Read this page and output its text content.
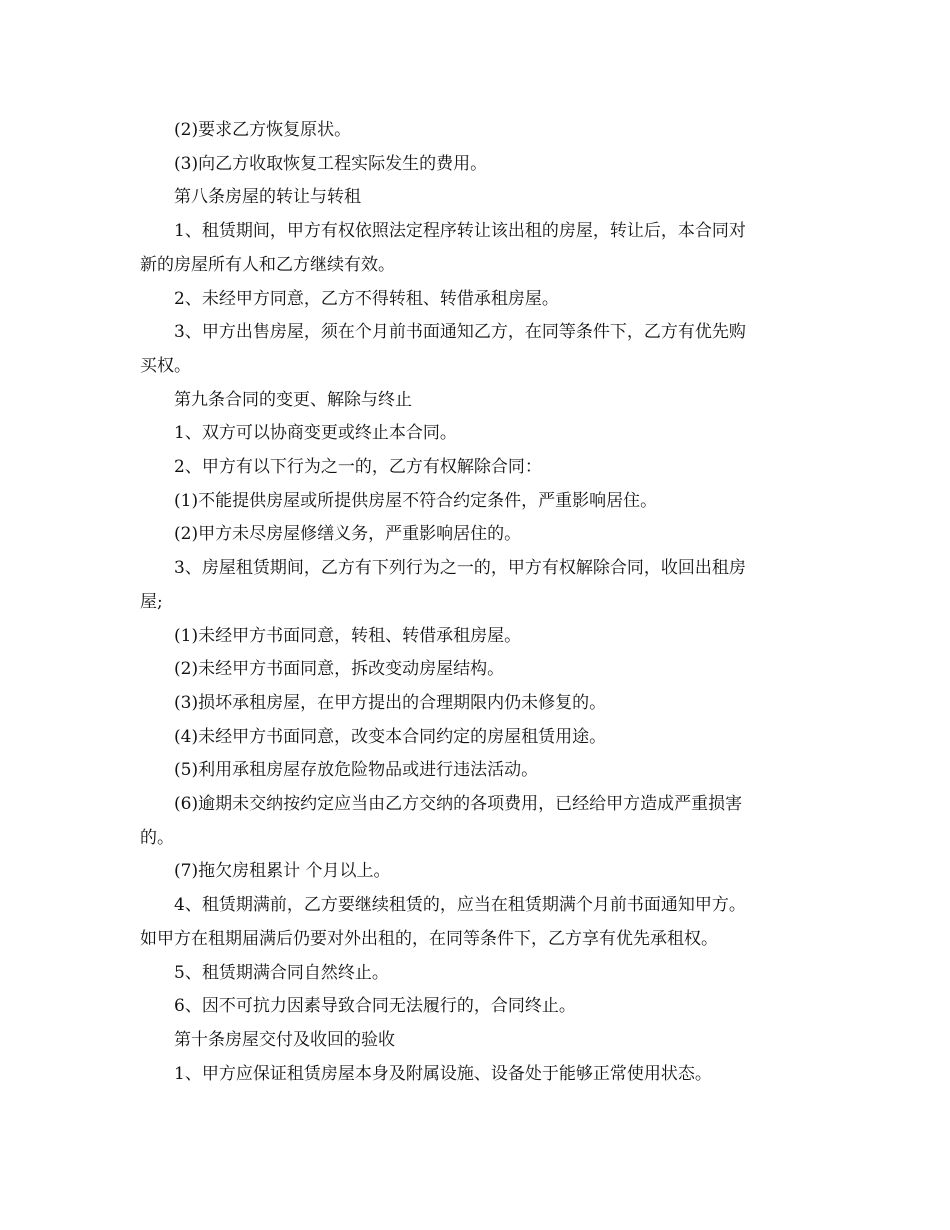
(2)要求乙方恢复原状。

(3)向乙方收取恢复工程实际发生的费用。

第八条房屋的转让与转租

1、租赁期间，甲方有权依照法定程序转让该出租的房屋，转让后，本合同对

新的房屋所有人和乙方继续有效。

2、未经甲方同意，乙方不得转租、转借承租房屋。

3、甲方出售房屋，须在个月前书面通知乙方，在同等条件下，乙方有优先购

买权。

第九条合同的变更、解除与终止

1、双方可以协商变更或终止本合同。

2、甲方有以下行为之一的，乙方有权解除合同：

(1)不能提供房屋或所提供房屋不符合约定条件，严重影响居住。

(2)甲方未尽房屋修缮义务，严重影响居住的。

3、房屋租赁期间，乙方有下列行为之一的，甲方有权解除合同，收回出租房

屋;

(1)未经甲方书面同意，转租、转借承租房屋。

(2)未经甲方书面同意，拆改变动房屋结构。

(3)损坏承租房屋，在甲方提出的合理期限内仍未修复的。

(4)未经甲方书面同意，改变本合同约定的房屋租赁用途。

(5)利用承租房屋存放危险物品或进行违法活动。

(6)逾期未交纳按约定应当由乙方交纳的各项费用，已经给甲方造成严重损害

的。

(7)拖欠房租累计 个月以上。

4、租赁期满前，乙方要继续租赁的，应当在租赁期满个月前书面通知甲方。

如甲方在租期届满后仍要对外出租的，在同等条件下，乙方享有优先承租权。

5、租赁期满合同自然终止。

6、因不可抗力因素导致合同无法履行的，合同终止。

第十条房屋交付及收回的验收

1、甲方应保证租赁房屋本身及附属设施、设备处于能够正常使用状态。
